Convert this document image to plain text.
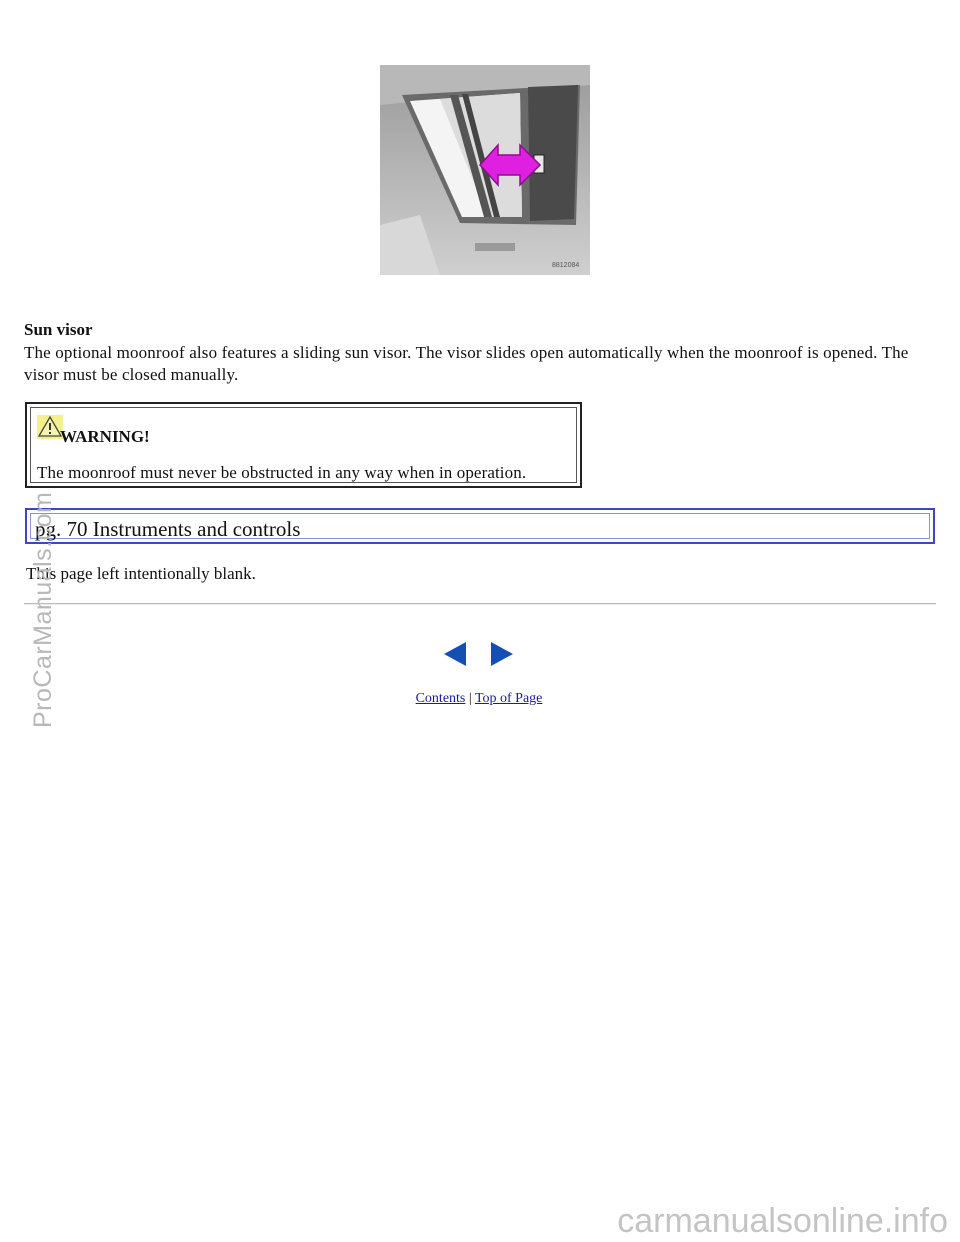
8812084
Sun visor
The optional moonroof also features a sliding sun visor. The visor slides open automatically when the moonroof is opened. The visor must be closed manually.
WARNING!
The moonroof must never be obstructed in any way when in operation.
pg. 70 Instruments and controls
This page left intentionally blank.
Contents | Top of Page
ProCarManuals.com
carmanualsonline.info
